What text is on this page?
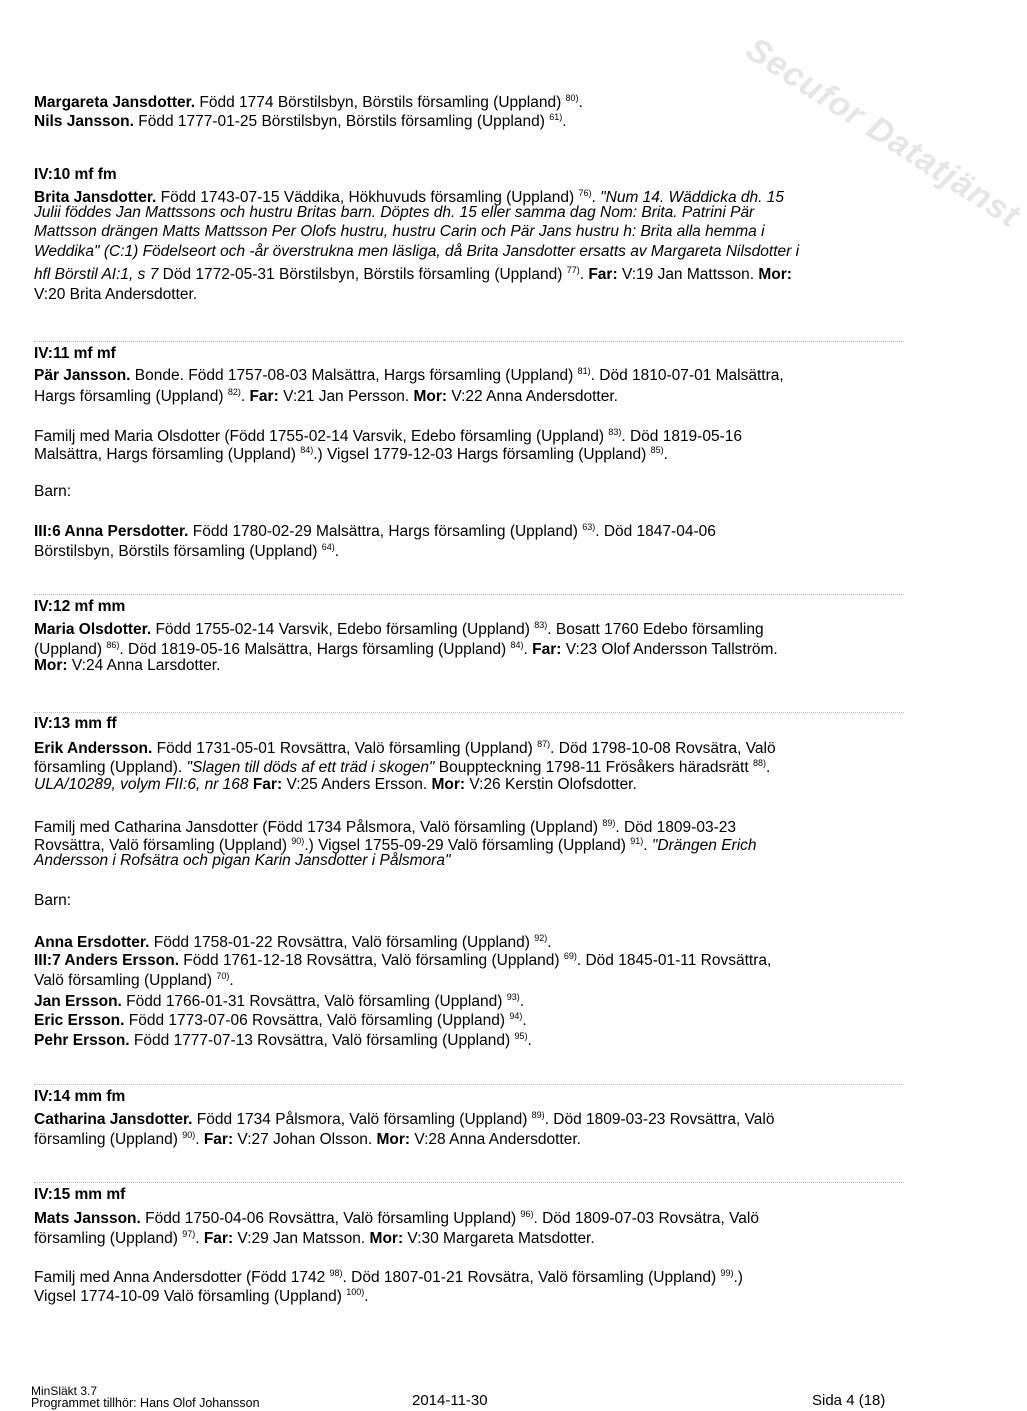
Secufor Datatjänst
Margareta Jansdotter. Född 1774 Börstilsbyn, Börstils församling (Uppland) $^{80)}$.
Nils Jansson. Född 1777-01-25 Börstilsbyn, Börstils församling (Uppland) $^{61)}$.
IV:10 mf fm
Brita Jansdotter. Född 1743-07-15 Väddika, Hökhuvuds församling (Uppland) $^{76)}$. "Num 14. Wäddicka dh. 15
Julii föddes Jan Mattssons och hustru Britas barn. Döptes dh. 15 eller samma dag Nom: Brita. Patrini Pär
Mattsson drängen Matts Mattsson Per Olofs hustru, hustru Carin och Pär Jans hustru h: Brita alla hemma i
Weddika" (C:1) Födelseort och -år överstrukna men läsliga, då Brita Jansdotter ersatts av Margareta Nilsdotter i
hfl Börstil AI:1, s 7 Död 1772-05-31 Börstilsbyn, Börstils församling (Uppland) $^{77)}$. Far: V:19 Jan Mattsson. Mor:
V:20 Brita Andersdotter.
IV:11 mf mf
Pär Jansson. Bonde. Född 1757-08-03 Malsättra, Hargs församling (Uppland) $^{81)}$. Död 1810-07-01 Malsättra,
Hargs församling (Uppland) $^{82)}$. Far: V:21 Jan Persson. Mor: V:22 Anna Andersdotter.
Familj med Maria Olsdotter (Född 1755-02-14 Varsvik, Edebo församling (Uppland) $^{83)}$. Död 1819-05-16
Malsättra, Hargs församling (Uppland) $^{84)}$.) Vigsel 1779-12-03 Hargs församling (Uppland) $^{85)}$.
Barn:
III:6 Anna Persdotter. Född 1780-02-29 Malsättra, Hargs församling (Uppland) $^{63)}$. Död 1847-04-06
Börstilsbyn, Börstils församling (Uppland) $^{64)}$.
IV:12 mf mm
Maria Olsdotter. Född 1755-02-14 Varsvik, Edebo församling (Uppland) $^{83)}$. Bosatt 1760 Edebo församling
(Uppland) $^{86)}$. Död 1819-05-16 Malsättra, Hargs församling (Uppland) $^{84)}$. Far: V:23 Olof Andersson Tallström.
Mor: V:24 Anna Larsdotter.
IV:13 mm ff
Erik Andersson. Född 1731-05-01 Rovsättra, Valö församling (Uppland) $^{87)}$. Död 1798-10-08 Rovsätra, Valö
församling (Uppland). "Slagen till döds af ett träd i skogen" Bouppteckning 1798-11 Frösåkers häradsrätt $^{88)}$.
ULA/10289, volym FII:6, nr 168 Far: V:25 Anders Ersson. Mor: V:26 Kerstin Olofsdotter.
Familj med Catharina Jansdotter (Född 1734 Pålsmora, Valö församling (Uppland) $^{89)}$. Död 1809-03-23
Rovsättra, Valö församling (Uppland) $^{90)}$.) Vigsel 1755-09-29 Valö församling (Uppland) $^{91)}$. "Drängen Erich
Andersson i Rofsätra och pigan Karin Jansdotter i Pålsmora"
Barn:
Anna Ersdotter. Född 1758-01-22 Rovsättra, Valö församling (Uppland) $^{92)}$.
III:7 Anders Ersson. Född 1761-12-18 Rovsättra, Valö församling (Uppland) $^{69)}$. Död 1845-01-11 Rovsättra,
Valö församling (Uppland) $^{70)}$.
Jan Ersson. Född 1766-01-31 Rovsättra, Valö församling (Uppland) $^{93)}$.
Eric Ersson. Född 1773-07-06 Rovsättra, Valö församling (Uppland) $^{94)}$.
Pehr Ersson. Född 1777-07-13 Rovsättra, Valö församling (Uppland) $^{95)}$.
IV:14 mm fm
Catharina Jansdotter. Född 1734 Pålsmora, Valö församling (Uppland) $^{89)}$. Död 1809-03-23 Rovsättra, Valö
församling (Uppland) $^{90)}$. Far: V:27 Johan Olsson. Mor: V:28 Anna Andersdotter.
IV:15 mm mf
Mats Jansson. Född 1750-04-06 Rovsättra, Valö församling Uppland) $^{96)}$. Död 1809-07-03 Rovsätra, Valö
församling (Uppland) $^{97)}$. Far: V:29 Jan Matsson. Mor: V:30 Margareta Matsdotter.
Familj med Anna Andersdotter (Född 1742 $^{98)}$. Död 1807-01-21 Rovsätra, Valö församling (Uppland) $^{99)}$.)
Vigsel 1774-10-09 Valö församling (Uppland) $^{100)}$.
MinSläkt 3.7
Programmet tillhör: Hans Olof Johansson	2014-11-30	Sida 4 (18)
